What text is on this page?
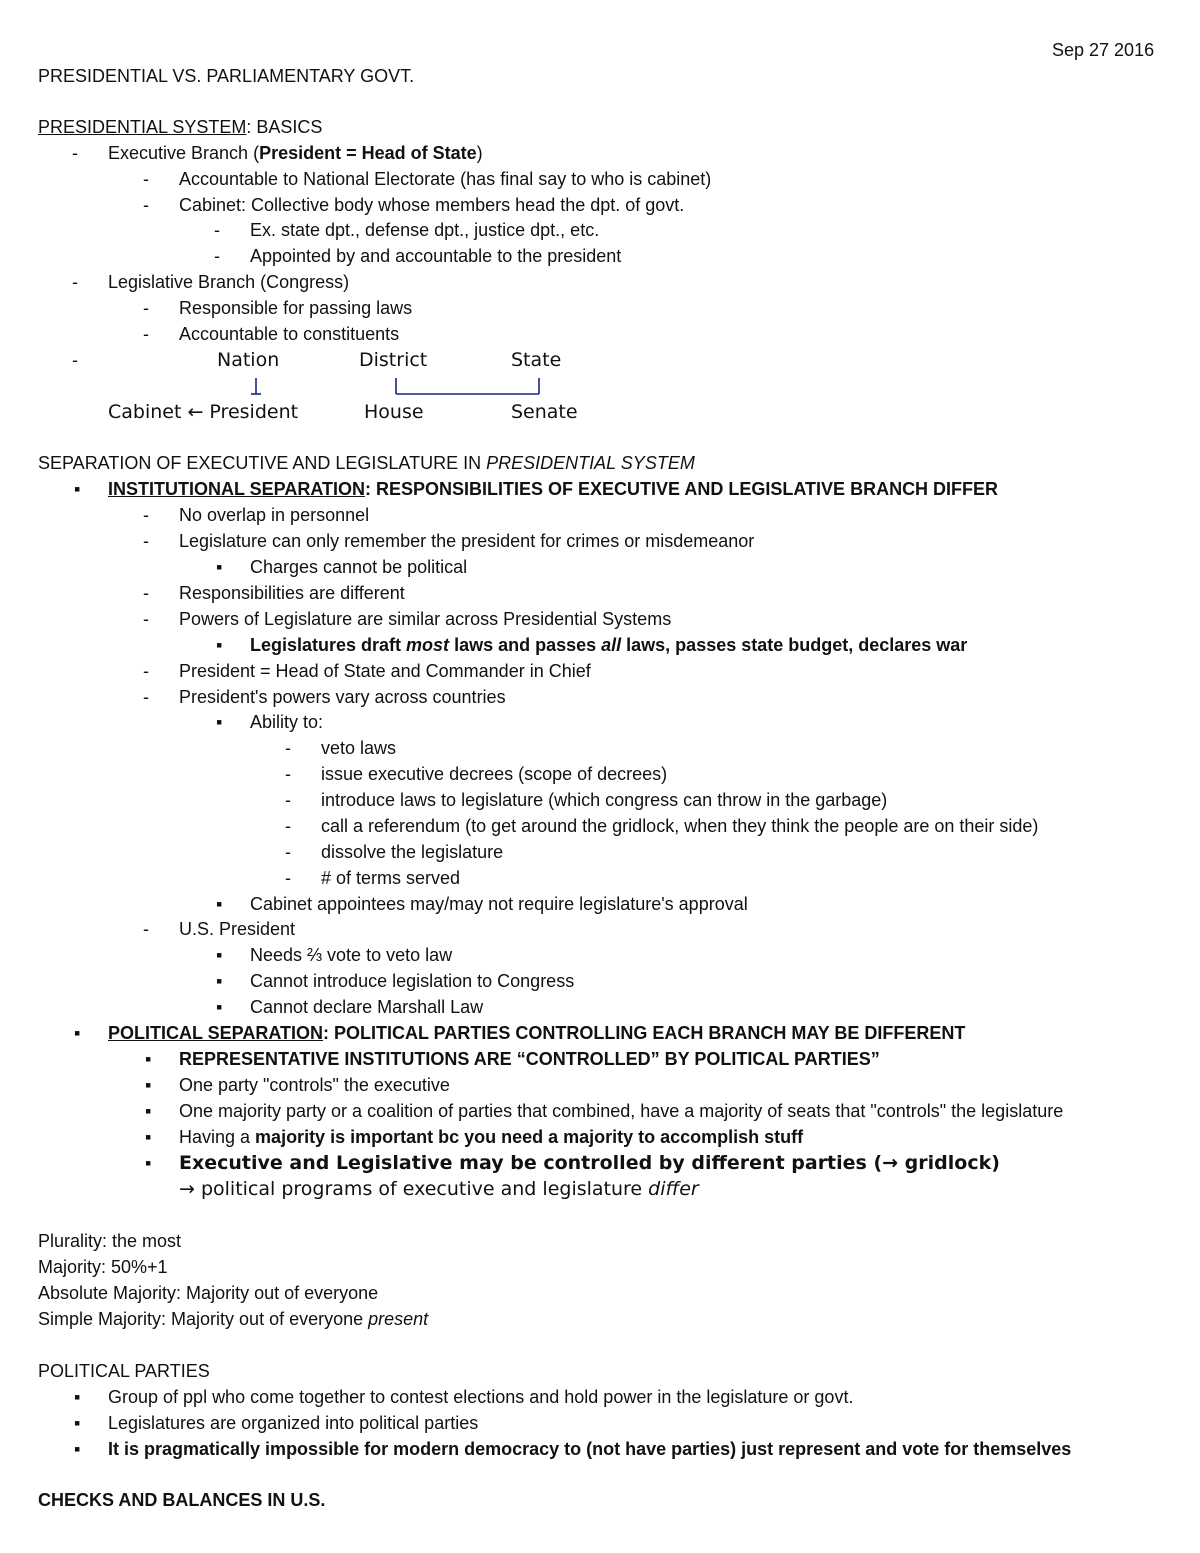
Sep 27 2016
PRESIDENTIAL VS. PARLIAMENTARY GOVT.
PRESIDENTIAL SYSTEM: BASICS
- Executive Branch (President = Head of State)
- Accountable to National Electorate (has final say to who is cabinet)
- Cabinet: Collective body whose members head the dpt. of govt.
- Ex. state dpt., defense dpt., justice dpt., etc.
- Appointed by and accountable to the president
- Legislative Branch (Congress)
- Responsible for passing laws
- Accountable to constituents
-	Nation	District	State
Cabinet ← President	House	Senate
SEPARATION OF EXECUTIVE AND LEGISLATURE IN PRESIDENTIAL SYSTEM
▪ INSTITUTIONAL SEPARATION: RESPONSIBILITIES OF EXECUTIVE AND LEGISLATIVE BRANCH DIFFER
- No overlap in personnel
- Legislature can only remember the president for crimes or misdemeanor
▪ Charges cannot be political
- Responsibilities are different
- Powers of Legislature are similar across Presidential Systems
▪ Legislatures draft most laws and passes all laws, passes state budget, declares war
- President = Head of State and Commander in Chief
- President's powers vary across countries
▪ Ability to:
- veto laws
- issue executive decrees (scope of decrees)
- introduce laws to legislature (which congress can throw in the garbage)
- call a referendum (to get around the gridlock, when they think the people are on their side)
- dissolve the legislature
- # of terms served
▪ Cabinet appointees may/may not require legislature's approval
- U.S. President
▪ Needs ⅔ vote to veto law
▪ Cannot introduce legislation to Congress
▪ Cannot declare Marshall Law
▪ POLITICAL SEPARATION: POLITICAL PARTIES CONTROLLING EACH BRANCH MAY BE DIFFERENT
▪ REPRESENTATIVE INSTITUTIONS ARE “CONTROLLED” BY POLITICAL PARTIES”
▪ One party "controls" the executive
▪ One majority party or a coalition of parties that combined, have a majority of seats that "controls" the legislature
▪ Having a majority is important bc you need a majority to accomplish stuff
▪ Executive and Legislative may be controlled by different parties (→ gridlock)
→ political programs of executive and legislature differ
Plurality: the most
Majority: 50%+1
Absolute Majority: Majority out of everyone
Simple Majority: Majority out of everyone present
POLITICAL PARTIES
▪ Group of ppl who come together to contest elections and hold power in the legislature or govt.
▪ Legislatures are organized into political parties
▪ It is pragmatically impossible for modern democracy to (not have parties) just represent and vote for themselves
CHECKS AND BALANCES IN U.S.
